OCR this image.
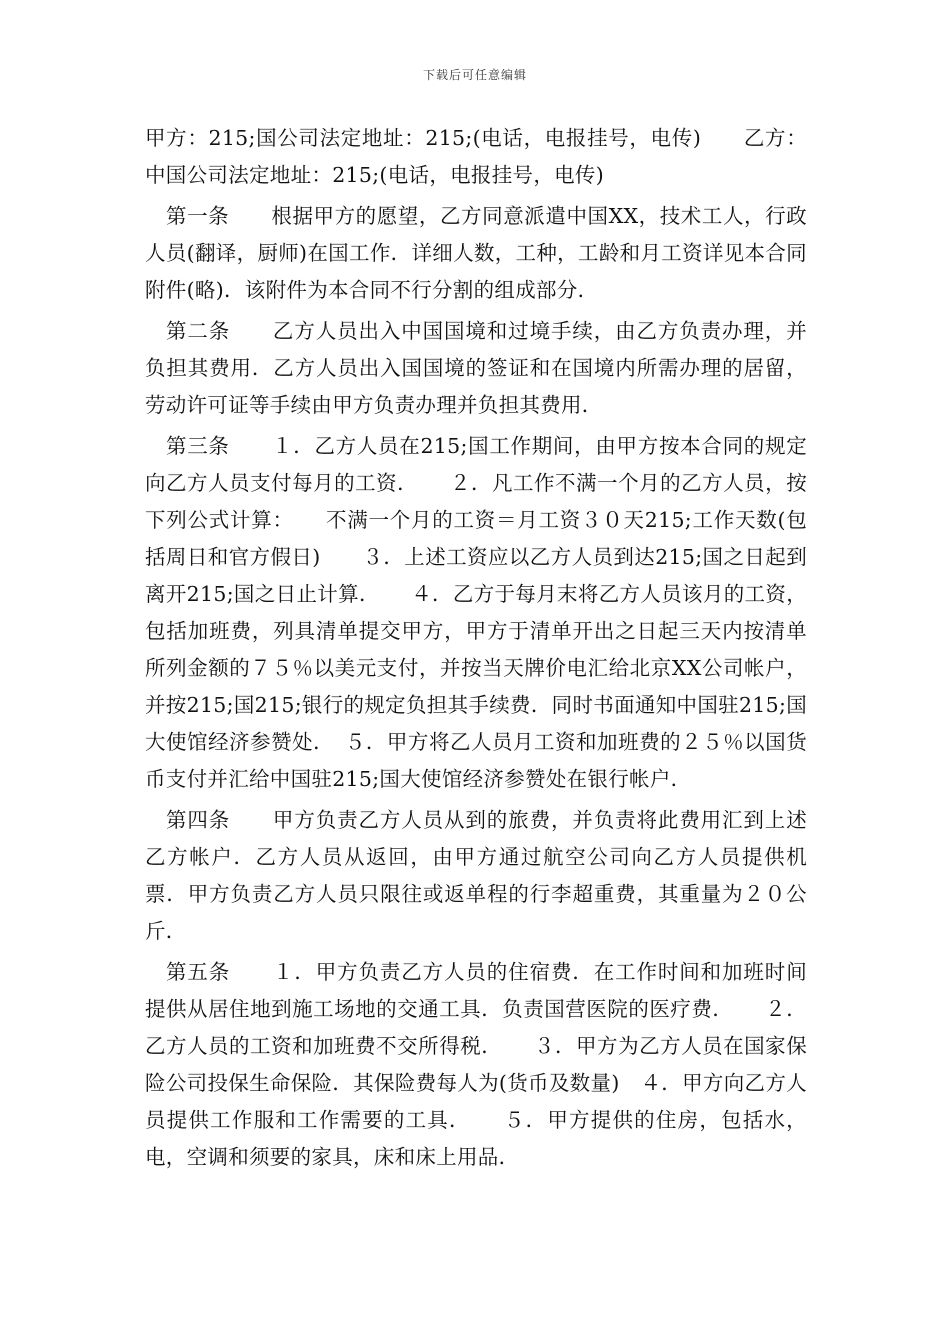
下载后可任意编辑

甲方：215;国公司法定地址：215;(电话，电报挂号，电传)　　乙方：中国公司法定地址：215;(电话，电报挂号，电传)

第一条　　根据甲方的愿望，乙方同意派遣中国XX，技术工人，行政人员(翻译，厨师)在国工作．详细人数，工种，工龄和月工资详见本合同附件(略)．该附件为本合同不行分割的组成部分．

第二条　　乙方人员出入中国国境和过境手续，由乙方负责办理，并负担其费用．乙方人员出入国国境的签证和在国境内所需办理的居留，劳动许可证等手续由甲方负责办理并负担其费用．

第三条　　１．乙方人员在215;国工作期间，由甲方按本合同的规定向乙方人员支付每月的工资．　　２．凡工作不满一个月的乙方人员，按下列公式计算：　　不满一个月的工资＝月工资３０天215;工作天数(包括周日和官方假日)　　３．上述工资应以乙方人员到达215;国之日起到离开215;国之日止计算．　　４．乙方于每月末将乙方人员该月的工资，包括加班费，列具清单提交甲方，甲方于清单开出之日起三天内按清单所列金额的７５％以美元支付，并按当天牌价电汇给北京XX公司帐户，并按215;国215;银行的规定负担其手续费．同时书面通知中国驻215;国大使馆经济参赞处．　５．甲方将乙人员月工资和加班费的２５％以国货币支付并汇给中国驻215;国大使馆经济参赞处在银行帐户．

第四条　　甲方负责乙方人员从到的旅费，并负责将此费用汇到上述乙方帐户．乙方人员从返回，由甲方通过航空公司向乙方人员提供机票．甲方负责乙方人员只限往或返单程的行李超重费，其重量为２０公斤．

第五条　　１．甲方负责乙方人员的住宿费．在工作时间和加班时间提供从居住地到施工场地的交通工具．负责国营医院的医疗费．　　２．乙方人员的工资和加班费不交所得税．　　３．甲方为乙方人员在国家保险公司投保生命保险．其保险费每人为(货币及数量)　４．甲方向乙方人员提供工作服和工作需要的工具．　　５．甲方提供的住房，包括水，电，空调和须要的家具，床和床上用品．
